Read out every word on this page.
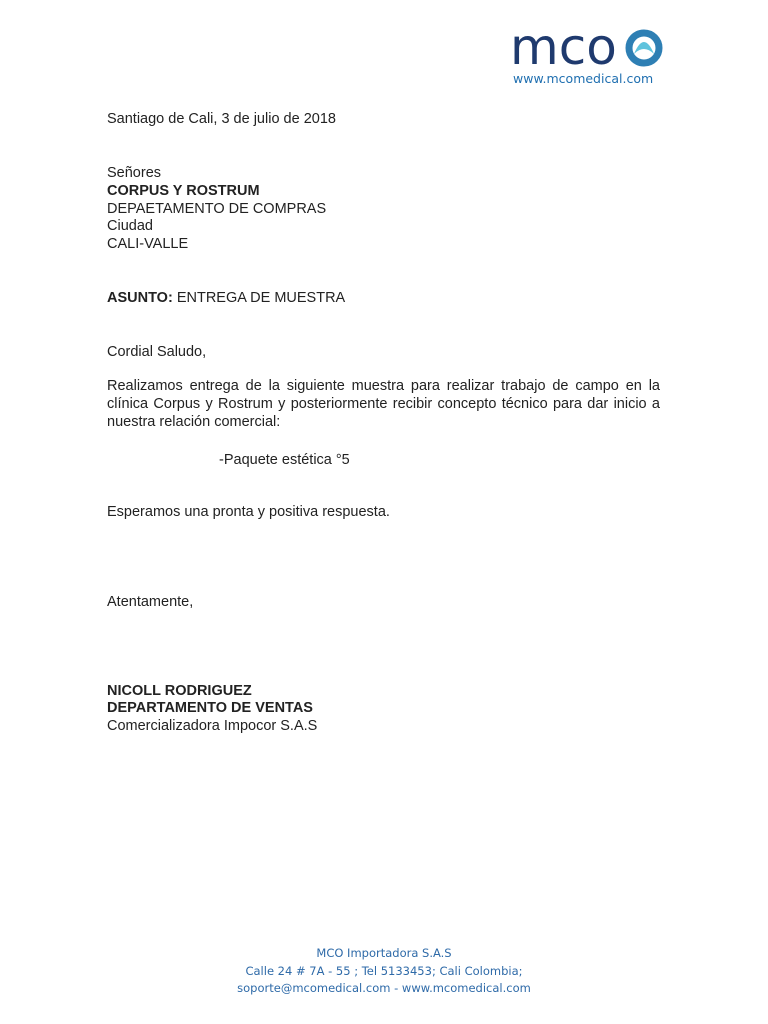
mco
www.mcomedical.com
Santiago de Cali, 3 de julio de 2018
Señores
CORPUS Y ROSTRUM
DEPAETAMENTO DE COMPRAS
Ciudad
CALI-VALLE
ASUNTO: ENTREGA DE MUESTRA
Cordial Saludo,
Realizamos entrega de la siguiente muestra para realizar trabajo de campo en la clínica Corpus y Rostrum y posteriormente recibir concepto técnico para dar inicio a nuestra relación comercial:
-Paquete estética °5
Esperamos una pronta y positiva respuesta.
Atentamente,
NICOLL RODRIGUEZ
DEPARTAMENTO DE VENTAS
Comercializadora Impocor S.A.S
MCO Importadora S.A.S
Calle 24 # 7A - 55 ; Tel 5133453; Cali Colombia;
soporte@mcomedical.com - www.mcomedical.com
